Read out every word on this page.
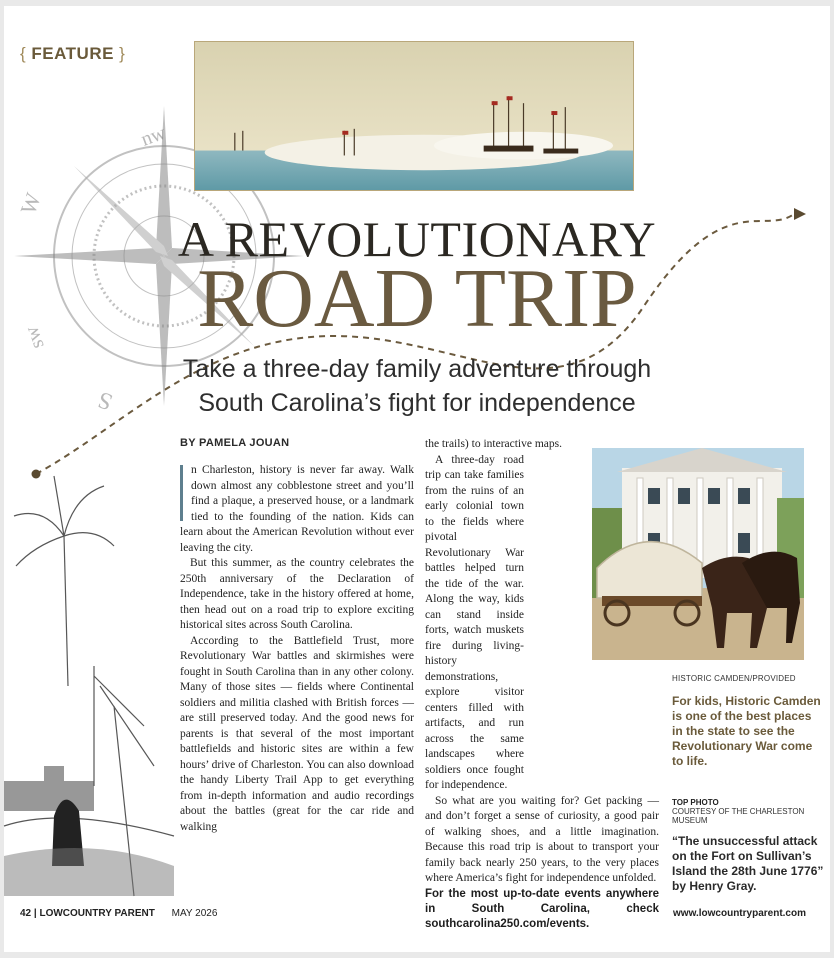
nw
W
sw
S
{ FEATURE }
A REVOLUTIONARY
ROAD TRIP
Take a three-day family adventure through
South Carolina’s fight for independence
BY PAMELA JOUAN

n Charleston, history is never far away. Walk down almost any cobblestone street and you’ll find a plaque, a preserved house, or a landmark tied to the founding of the nation. Kids can learn about the American Revolution without ever leaving the city.

But this summer, as the country celebrates the 250th anniversary of the Declaration of Independence, take in the history offered at home, then head out on a road trip to explore exciting historical sites across South Carolina.

According to the Battlefield Trust, more Revolutionary War battles and skirmishes were fought in South Carolina than in any other colony. Many of those sites — fields where Continental soldiers and militia clashed with British forces — are still preserved today. And the good news for parents is that several of the most important battlefields and historic sites are within a few hours’ drive of Charleston. You can also download the handy Liberty Trail App to get everything from in-depth information and audio recordings about the battles (great for the car ride and walking

the trails) to interactive maps.

A three-day road trip can take families from the ruins of an early colonial town to the fields where pivotal Revolutionary War battles helped turn the tide of the war. Along the way, kids can stand inside forts, watch muskets fire during living-history demonstrations, explore visitor centers filled with artifacts, and run across the same landscapes where soldiers once fought for independence.

So what are you waiting for? Get packing — and don’t forget a sense of curiosity, a good pair of walking shoes, and a little imagination. Because this road trip is about to transport your family back nearly 250 years, to the very places where America’s fight for independence unfolded.

For the most up-to-date events anywhere in South Carolina, check southcarolina250.com/events.

HISTORIC CAMDEN/PROVIDED
For kids, Historic Camden is one of the best places in the state to see the Revolutionary War come to life.
TOP PHOTO
COURTESY OF THE CHARLESTON MUSEUM
“The unsuccessful attack on the Fort on Sullivan’s Island the 28th June 1776” by Henry Gray.
42 | LOWCOUNTRY PARENT MAY 2026	www.lowcountryparent.com
